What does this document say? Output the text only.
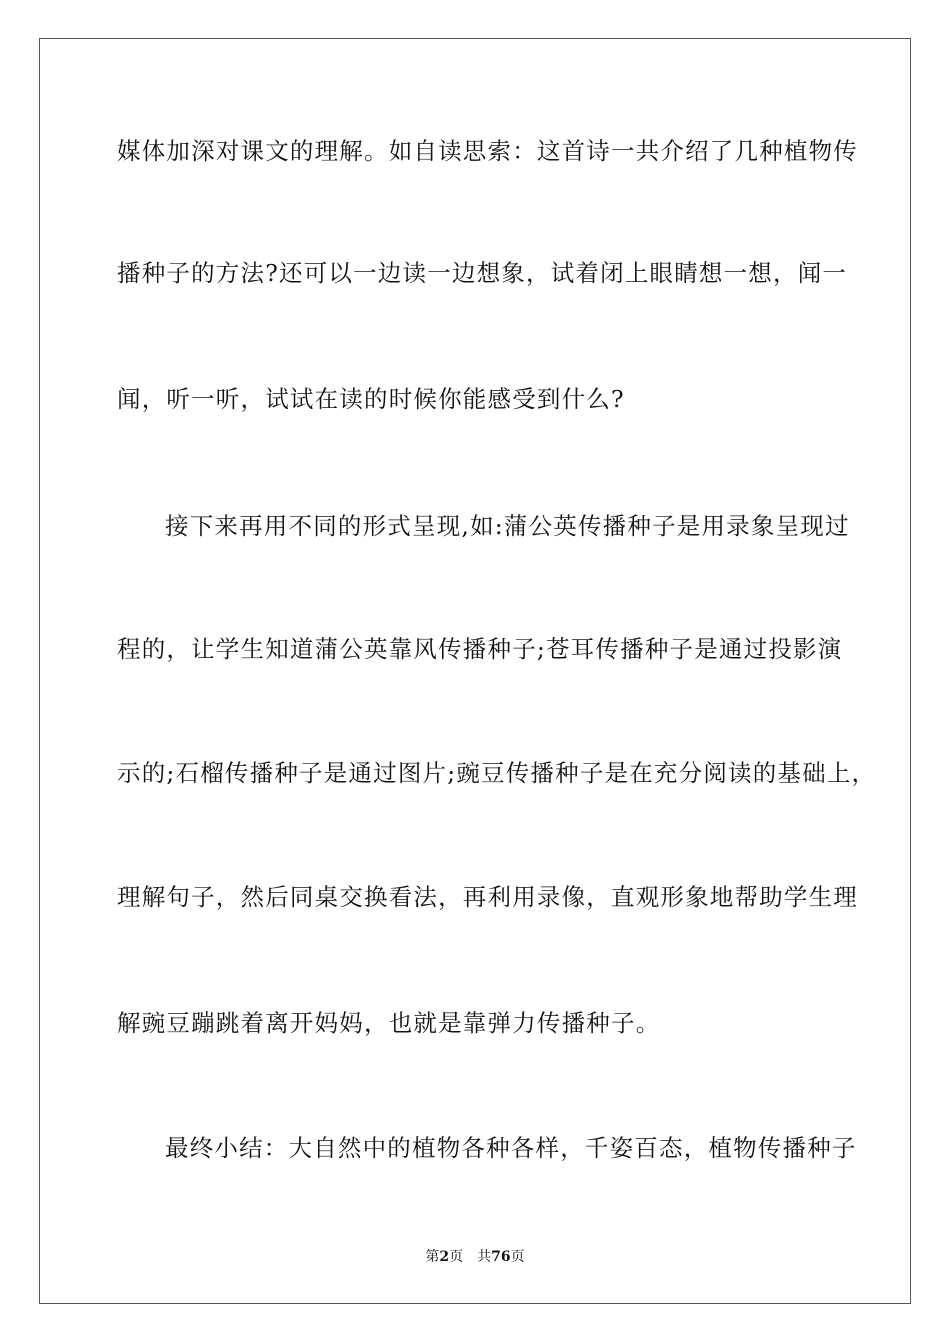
媒体加深对课文的理解。如自读思索：这首诗一共介绍了几种植物传
播种子的方法?还可以一边读一边想象，试着闭上眼睛想一想，闻一
闻，听一听，试试在读的时候你能感受到什么?
接下来再用不同的形式呈现,如:蒲公英传播种子是用录象呈现过
程的，让学生知道蒲公英靠风传播种子;苍耳传播种子是通过投影演
示的;石榴传播种子是通过图片;豌豆传播种子是在充分阅读的基础上，
理解句子，然后同桌交换看法，再利用录像，直观形象地帮助学生理
解豌豆蹦跳着离开妈妈，也就是靠弹力传播种子。
最终小结：大自然中的植物各种各样，千姿百态，植物传播种子
第2页 共76页
